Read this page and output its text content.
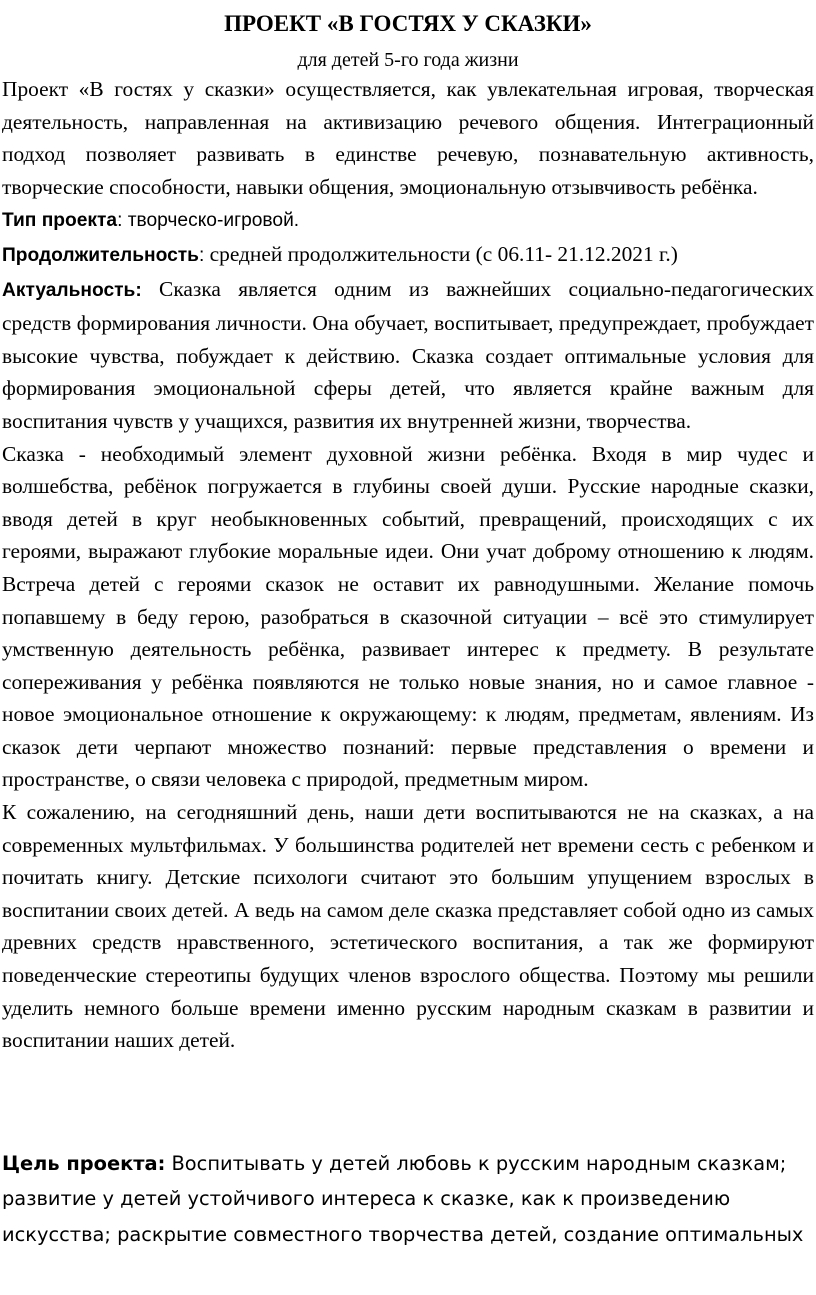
ПРОЕКТ «В ГОСТЯХ У СКАЗКИ»
для детей 5-го года жизни

Проект «В гостях у сказки» осуществляется, как увлекательная игровая, творческая деятельность, направленная на активизацию речевого общения. Интеграционный подход позволяет развивать в единстве речевую, познавательную активность, творческие способности, навыки общения, эмоциональную отзывчивость ребёнка.

Тип проекта: творческо-игровой.

Продолжительность: средней продолжительности (с 06.11- 21.12.2021 г.)

Актуальность: Сказка является одним из важнейших социально-педагогических средств формирования личности. Она обучает, воспитывает, предупреждает, пробуждает высокие чувства, побуждает к действию. Сказка создает оптимальные условия для формирования эмоциональной сферы детей, что является крайне важным для воспитания чувств у учащихся, развития их внутренней жизни, творчества.

Сказка - необходимый элемент духовной жизни ребёнка. Входя в мир чудес и волшебства, ребёнок погружается в глубины своей души. Русские народные сказки, вводя детей в круг необыкновенных событий, превращений, происходящих с их героями, выражают глубокие моральные идеи. Они учат доброму отношению к людям. Встреча детей с героями сказок не оставит их равнодушными. Желание помочь попавшему в беду герою, разобраться в сказочной ситуации – всё это стимулирует умственную деятельность ребёнка, развивает интерес к предмету. В результате сопереживания у ребёнка появляются не только новые знания, но и самое главное - новое эмоциональное отношение к окружающему: к людям, предметам, явлениям. Из сказок дети черпают множество познаний: первые представления о времени и пространстве, о связи человека с природой, предметным миром.

К сожалению, на сегодняшний день, наши дети воспитываются не на сказках, а на современных мультфильмах. У большинства родителей нет времени сесть с ребенком и почитать книгу. Детские психологи считают это большим упущением взрослых в воспитании своих детей. А ведь на самом деле сказка представляет собой одно из самых древних средств нравственного, эстетического воспитания, а так же формируют поведенческие стереотипы будущих членов взрослого общества. Поэтому мы решили уделить немного больше времени именно русским народным сказкам в развитии и воспитании наших детей.

Цель проекта: Воспитывать у детей любовь к русским народным сказкам;

развитие у детей устойчивого интереса к сказке, как к произведению

искусства; раскрытие совместного творчества детей, создание оптимальных
